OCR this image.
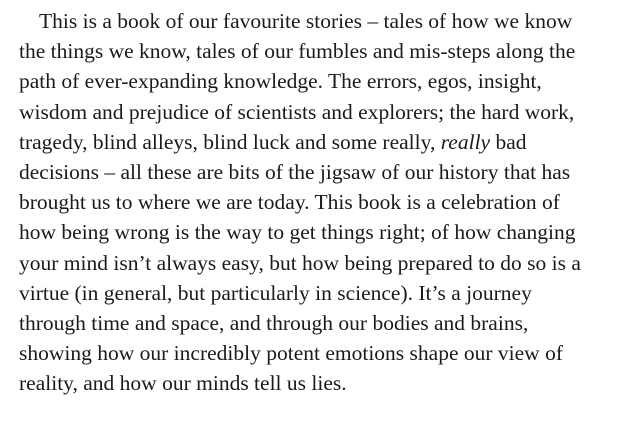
This is a book of our favourite stories – tales of how we know
the things we know, tales of our fumbles and mis-steps along the
path of ever-expanding knowledge. The errors, egos, insight,
wisdom and prejudice of scientists and explorers; the hard work,
tragedy, blind alleys, blind luck and some really, really bad
decisions – all these are bits of the jigsaw of our history that has
brought us to where we are today. This book is a celebration of
how being wrong is the way to get things right; of how changing
your mind isn’t always easy, but how being prepared to do so is a
virtue (in general, but particularly in science). It’s a journey
through time and space, and through our bodies and brains,
showing how our incredibly potent emotions shape our view of
reality, and how our minds tell us lies.
